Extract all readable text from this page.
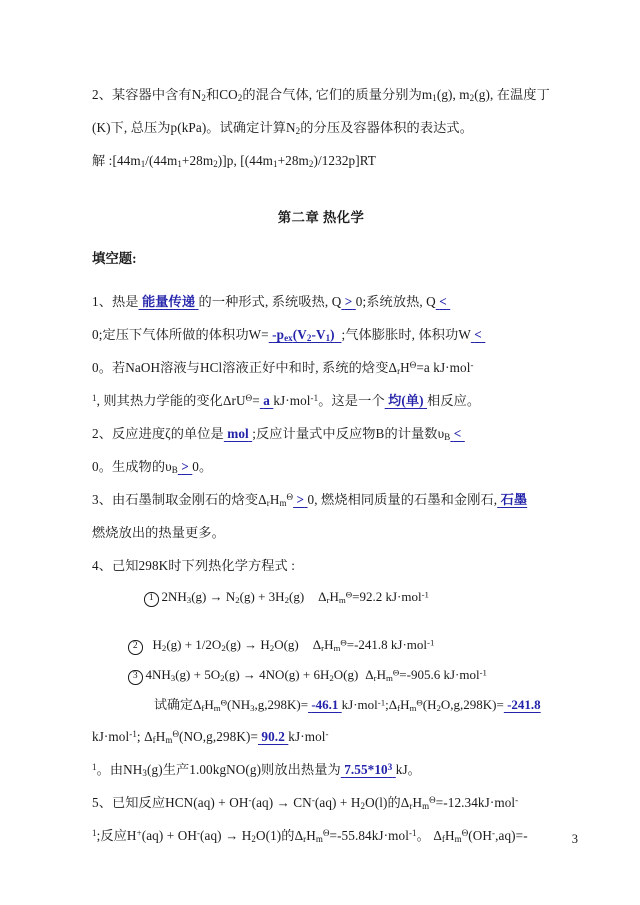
2、某容器中含有$N_2$和$CO_2$的混合气体, 它们的质量分别为$m_1(g)$, $m_2(g)$, 在温度丁
(K)下, 总压为p(kPa)。试确定计算$N_2$的分压及容器体积的表达式。
解 $:[44m_1/(44m_1+28m_2)]p$, $[(44m_1+28m_2)/1232p]RT$
第二章 热化学
填空题:
1、热是 能量传递 的一种形式, 系统吸热, Q > 0;系统放热, Q <
0;定压下气体所做的体积功$W= -p_{ex}(V_2-V_1)$ ;气体膨胀时, 体积功W <
0。若NaOH溶液与HCl溶液正好中和时, 系统的焓变$\Delta_rH^\Theta=a$ kJ·mol-
$^1$, 则其热力学能的变化ΔrU$^\Theta$= a kJ·mol$^{-1}$。这是一个 均(单) 相反应。
2、反应进度ζ的单位是 mol ;反应计量式中反应物B的计量数$\upsilon_B$ <
0。生成物的$\upsilon_B > 0$。
3、由石墨制取金刚石的焓变$\Delta_rH_m^\Theta > 0$, 燃烧相同质量的石墨和金刚石, 石墨
燃烧放出的热量更多。
4、己知298K时下列热化学方程式 :
1 $2NH_3(g) \to N_2(g) + 3H_2(g)$ $\Delta_rH_m^\Theta=92.2$ kJ·mol$^{-1}$
2 $H_2(g) + 1/2O_2(g) \to H_2O(g)$ $\Delta_rH_m^\Theta=-241.8$ kJ·mol$^{-1}$
3 $4NH_3(g) + 5O_2(g) \to 4NO(g) + 6H_2O(g)$ $\Delta_rH_m^\Theta=-905.6$ kJ·mol$^{-1}$
试确定$\Delta_fH_m^\Theta(NH_3,g,298K)= -46.1$ $kJ\cdot mol^{-1};\Delta_fH_m^\Theta(H_2O,g,298K)= -241.8$
kJ·mol$^{-1}$; $\Delta_fH_m^\Theta(NO,g,298K)= 90.2$ kJ·mol-
$^1$。由$NH_3(g)$生产1.00kgNO(g)则放出热量为 $7.55*10^3$ kJ。
5、已知反应$HCN(aq) + OH^-(aq) \to CN^-(aq) + H_2O(l)$的$\Delta_rH_m^\Theta=-12.34kJ\cdot mol^-$
$^1$;反应$H^+(aq) + OH^-(aq) \to H_2O(1)$的$\Delta_rH_m^\Theta=-55.84kJ\cdot mol^{-1}$。 $\Delta_fH_m^\Theta(OH^-,aq)=-$	3
